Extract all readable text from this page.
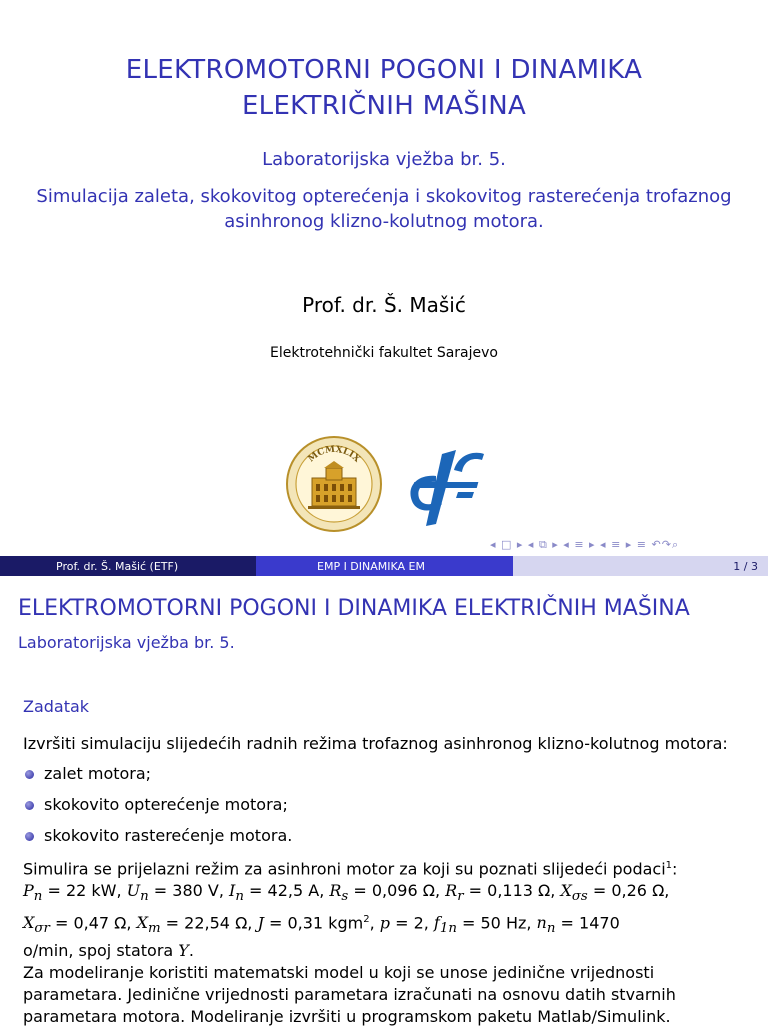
ELEKTROMOTORNI POGONI I DINAMIKA
ELEKTRIČNIH MAŠINA
Laboratorijska vježba br. 5.
Simulacija zaleta, skokovitog opterećenja i skokovitog rasterećenja trofaznog
asinhronog klizno-kolutnog motora.
Prof. dr. Š. Mašić
Elektrotehnički fakultet Sarajevo
MCMXLIX
◂ □ ▸ ◂ ⧉ ▸ ◂ ≡ ▸ ◂ ≡ ▸ ≡ ↶↷⌕
Prof. dr. Š. Mašić (ETF)	EMP I DINAMIKA EM	1 / 3
ELEKTROMOTORNI POGONI I DINAMIKA ELEKTRIČNIH MAŠINA
Laboratorijska vježba br. 5.
Zadatak
Izvršiti simulaciju slijedećih radnih režima trofaznog asinhronog klizno-kolutnog motora:
zalet motora;
skokovito opterećenje motora;
skokovito rasterećenje motora.
Simulira se prijelazni režim za asinhroni motor za koji su poznati slijedeći podaci$^1$:
$P_n = 22$ kW, $U_n = 380$ V, $I_n = 42,5$ A, $R_s = 0,096$ Ω, $R_r = 0,113$ Ω, $X_{\sigma s} = 0,26$ Ω,
$X_{\sigma r} = 0,47$ Ω, $X_m = 22,54$ Ω, J = 0,31 kgm$^2$, p = 2, $f_{1n} = 50$ Hz, $n_n = 1470$
o/min, spoj statora Y.
Za modeliranje koristiti matematski model u koji se unose jedinične vrijednosti
parametara. Jedinične vrijednosti parametara izračunati na osnovu datih stvarnih
parametara motora. Modeliranje izvršiti u programskom paketu Matlab/Simulink.
